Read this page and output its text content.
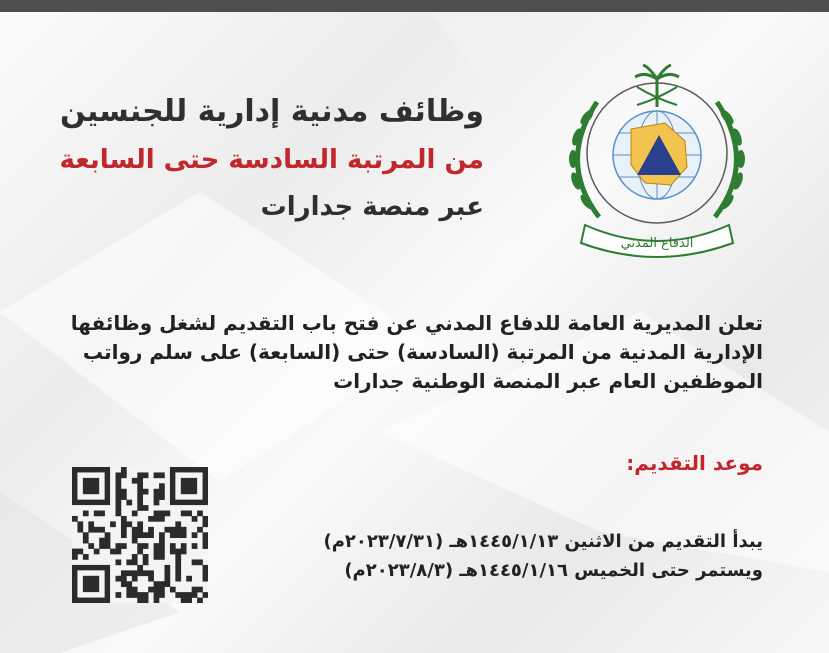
وظائف مدنية إدارية للجنسين
من المرتبة السادسة حتى السابعة
عبر منصة جدارات
الدفاع المدني
تعلن المديرية العامة للدفاع المدني عن فتح باب التقديم لشغل وظائفها
الإدارية المدنية من المرتبة (السادسة) حتى (السابعة) على سلم رواتب
الموظفين العام عبر المنصة الوطنية جدارات
موعد التقديم:
يبدأ التقديم من الاثنين ١٤٤٥/١/١٣هـ (٢٠٢٣/٧/٣١م)
ويستمر حتى الخميس ١٤٤٥/١/١٦هـ (٢٠٢٣/٨/٣م)
